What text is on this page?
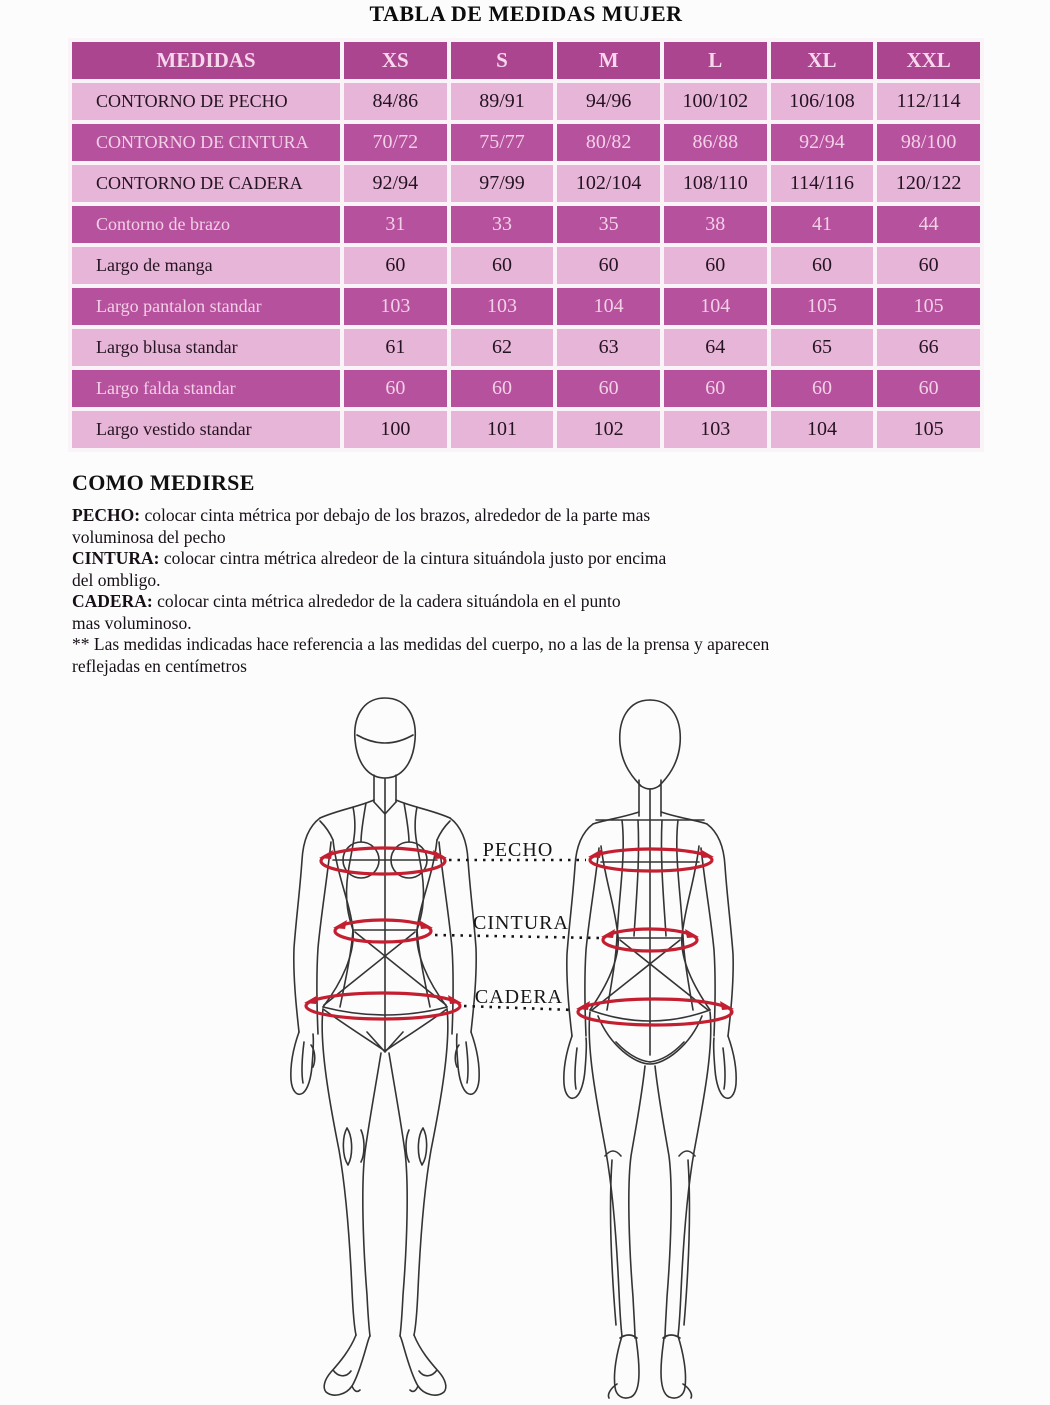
TABLA DE MEDIDAS MUJER
MEDIDAS	XS	S	M	L	XL	XXL
CONTORNO DE PECHO	84/86	89/91	94/96	100/102	106/108	112/114
CONTORNO DE CINTURA	70/72	75/77	80/82	86/88	92/94	98/100
CONTORNO DE CADERA	92/94	97/99	102/104	108/110	114/116	120/122
Contorno de brazo	31	33	35	38	41	44
Largo de manga	60	60	60	60	60	60
Largo pantalon standar	103	103	104	104	105	105
Largo blusa standar	61	62	63	64	65	66
Largo falda standar	60	60	60	60	60	60
Largo vestido standar	100	101	102	103	104	105
COMO MEDIRSE

PECHO: colocar cinta métrica por debajo de los brazos, alrededor de la parte mas
voluminosa del pecho

CINTURA: colocar cintra métrica alredeor de la cintura situándola justo por encima
del ombligo.

CADERA: colocar cinta métrica alrededor de la cadera situándola en el punto
mas voluminoso.

** Las medidas indicadas hace referencia a las medidas del cuerpo, no a las de la prensa y aparecen
reflejadas en centímetros

PECHO
CINTURA
CADERA
